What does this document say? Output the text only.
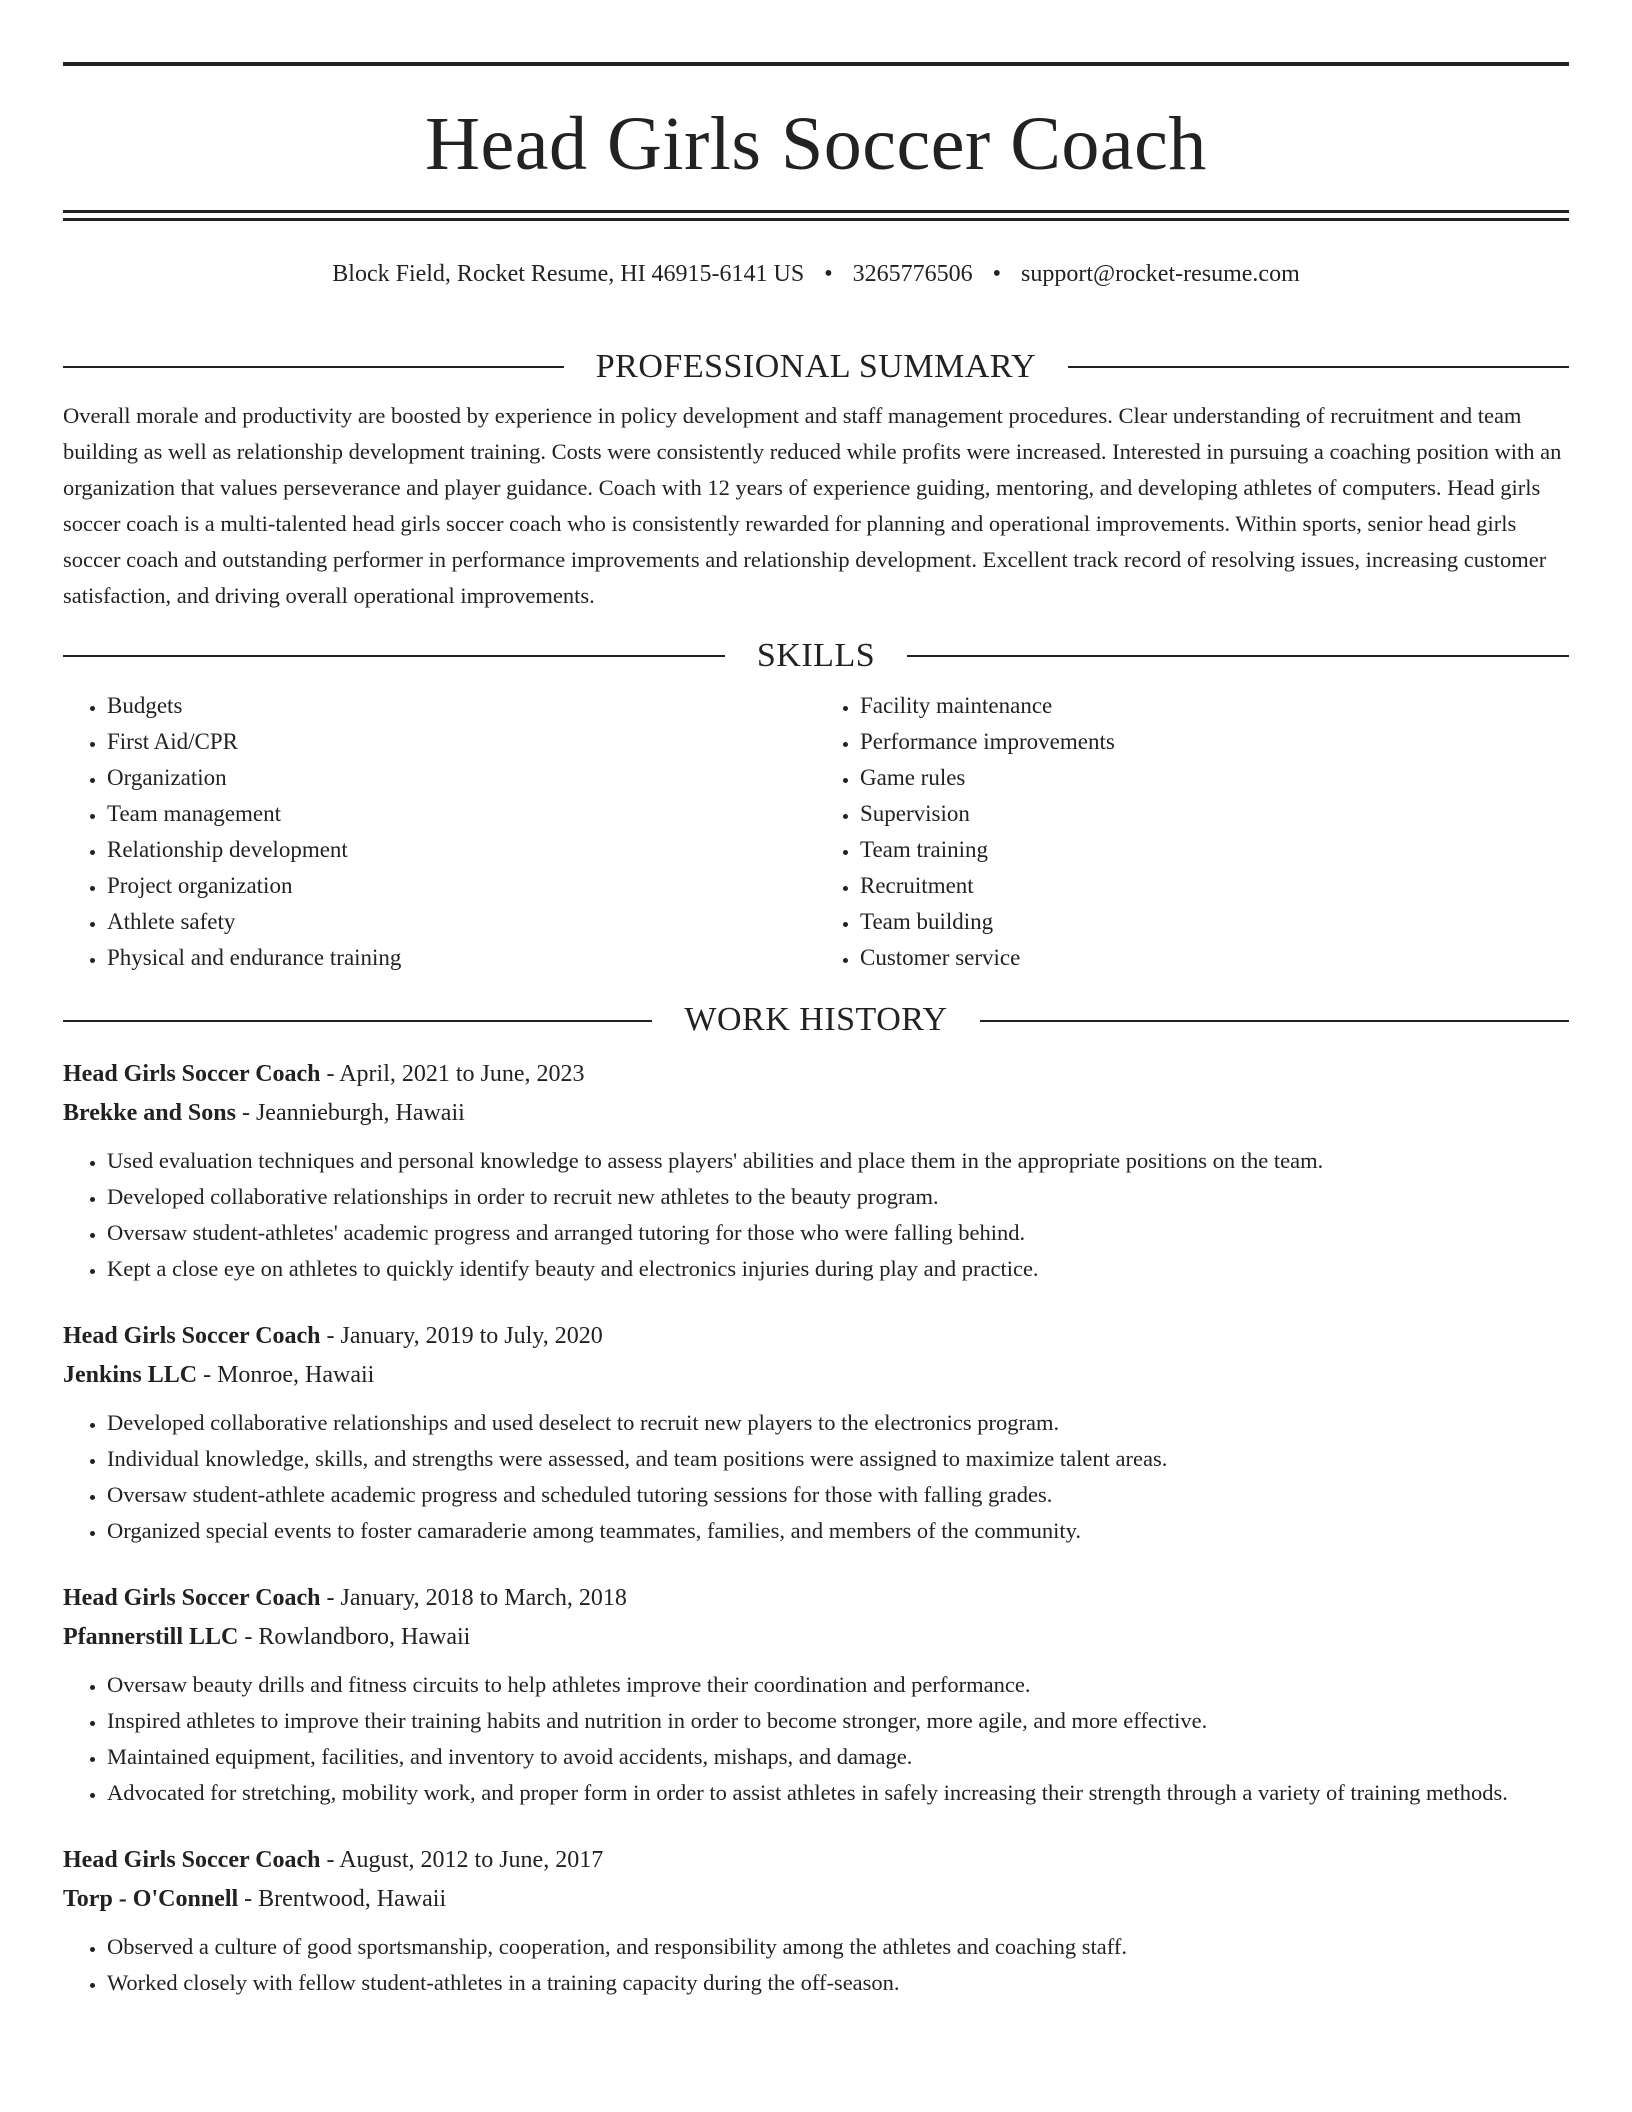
Head Girls Soccer Coach
Block Field, Rocket Resume, HI 46915-6141 US • 3265776506 • support@rocket-resume.com
PROFESSIONAL SUMMARY
Overall morale and productivity are boosted by experience in policy development and staff management procedures. Clear understanding of recruitment and team building as well as relationship development training. Costs were consistently reduced while profits were increased. Interested in pursuing a coaching position with an organization that values perseverance and player guidance. Coach with 12 years of experience guiding, mentoring, and developing athletes of computers. Head girls soccer coach is a multi-talented head girls soccer coach who is consistently rewarded for planning and operational improvements. Within sports, senior head girls soccer coach and outstanding performer in performance improvements and relationship development. Excellent track record of resolving issues, increasing customer satisfaction, and driving overall operational improvements.
SKILLS
• Budgets
• First Aid/CPR
• Organization
• Team management
• Relationship development
• Project organization
• Athlete safety
• Physical and endurance training
• Facility maintenance
• Performance improvements
• Game rules
• Supervision
• Team training
• Recruitment
• Team building
• Customer service
WORK HISTORY
Head Girls Soccer Coach - April, 2021 to June, 2023
Brekke and Sons - Jeannieburgh, Hawaii
• Used evaluation techniques and personal knowledge to assess players' abilities and place them in the appropriate positions on the team.
• Developed collaborative relationships in order to recruit new athletes to the beauty program.
• Oversaw student-athletes' academic progress and arranged tutoring for those who were falling behind.
• Kept a close eye on athletes to quickly identify beauty and electronics injuries during play and practice.
Head Girls Soccer Coach - January, 2019 to July, 2020
Jenkins LLC - Monroe, Hawaii
• Developed collaborative relationships and used deselect to recruit new players to the electronics program.
• Individual knowledge, skills, and strengths were assessed, and team positions were assigned to maximize talent areas.
• Oversaw student-athlete academic progress and scheduled tutoring sessions for those with falling grades.
• Organized special events to foster camaraderie among teammates, families, and members of the community.
Head Girls Soccer Coach - January, 2018 to March, 2018
Pfannerstill LLC - Rowlandboro, Hawaii
• Oversaw beauty drills and fitness circuits to help athletes improve their coordination and performance.
• Inspired athletes to improve their training habits and nutrition in order to become stronger, more agile, and more effective.
• Maintained equipment, facilities, and inventory to avoid accidents, mishaps, and damage.
• Advocated for stretching, mobility work, and proper form in order to assist athletes in safely increasing their strength through a variety of training methods.
Head Girls Soccer Coach - August, 2012 to June, 2017
Torp - O'Connell - Brentwood, Hawaii
• Observed a culture of good sportsmanship, cooperation, and responsibility among the athletes and coaching staff.
• Worked closely with fellow student-athletes in a training capacity during the off-season.
